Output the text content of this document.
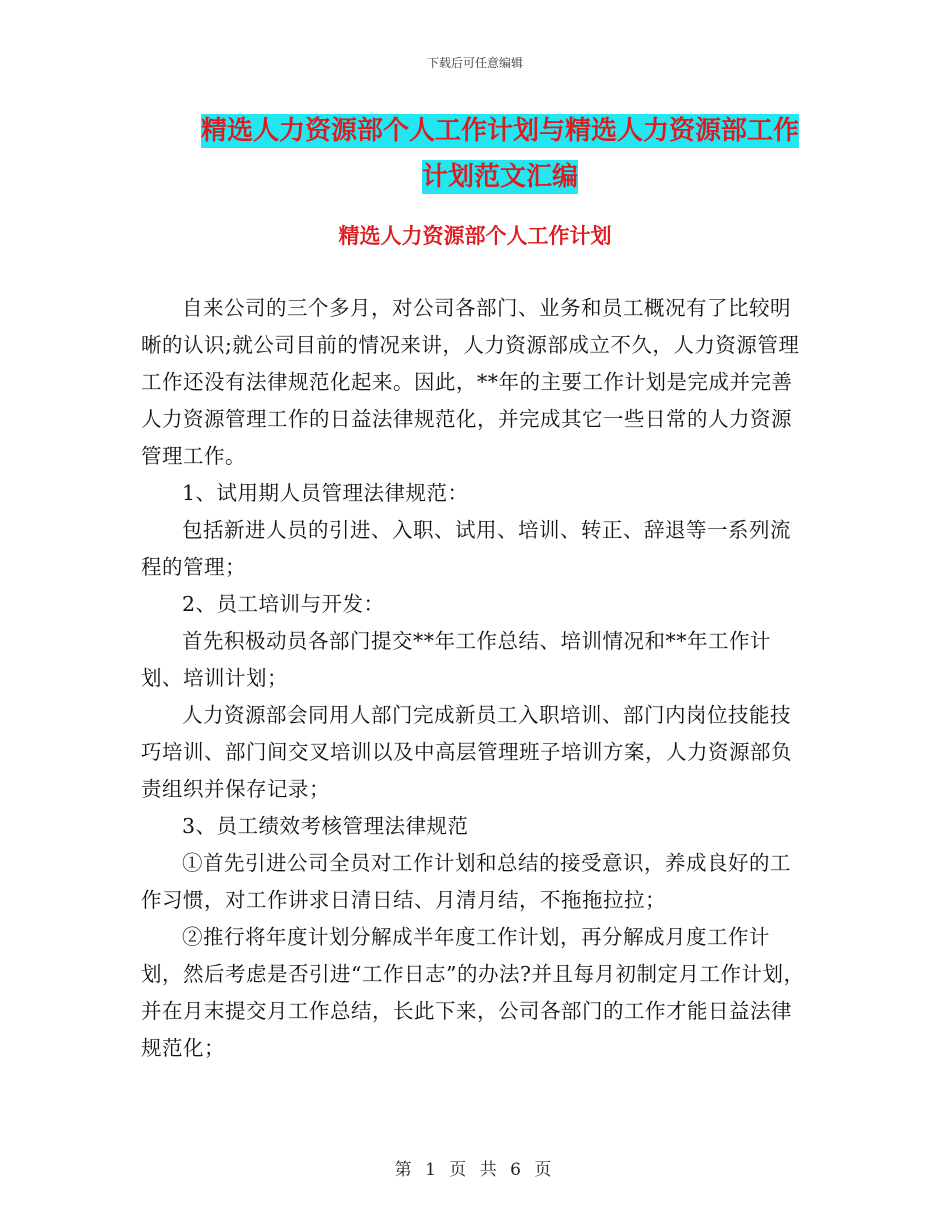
下载后可任意编辑
精选人力资源部个人工作计划与精选人力资源部工作计划范文汇编
精选人力资源部个人工作计划

自来公司的三个多月，对公司各部门、业务和员工概况有了比较明晰的认识;就公司目前的情况来讲，人力资源部成立不久，人力资源管理工作还没有法律规范化起来。因此，**年的主要工作计划是完成并完善人力资源管理工作的日益法律规范化，并完成其它一些日常的人力资源管理工作。

1、试用期人员管理法律规范：

包括新进人员的引进、入职、试用、培训、转正、辞退等一系列流程的管理；

2、员工培训与开发：

首先积极动员各部门提交**年工作总结、培训情况和**年工作计划、培训计划；

人力资源部会同用人部门完成新员工入职培训、部门内岗位技能技巧培训、部门间交叉培训以及中高层管理班子培训方案，人力资源部负责组织并保存记录；

3、员工绩效考核管理法律规范

①首先引进公司全员对工作计划和总结的接受意识，养成良好的工作习惯，对工作讲求日清日结、月清月结，不拖拖拉拉；

②推行将年度计划分解成半年度工作计划，再分解成月度工作计划，然后考虑是否引进“工作日志”的办法?并且每月初制定月工作计划，并在月末提交月工作总结，长此下来，公司各部门的工作才能日益法律规范化；

第 1 页 共 6 页
